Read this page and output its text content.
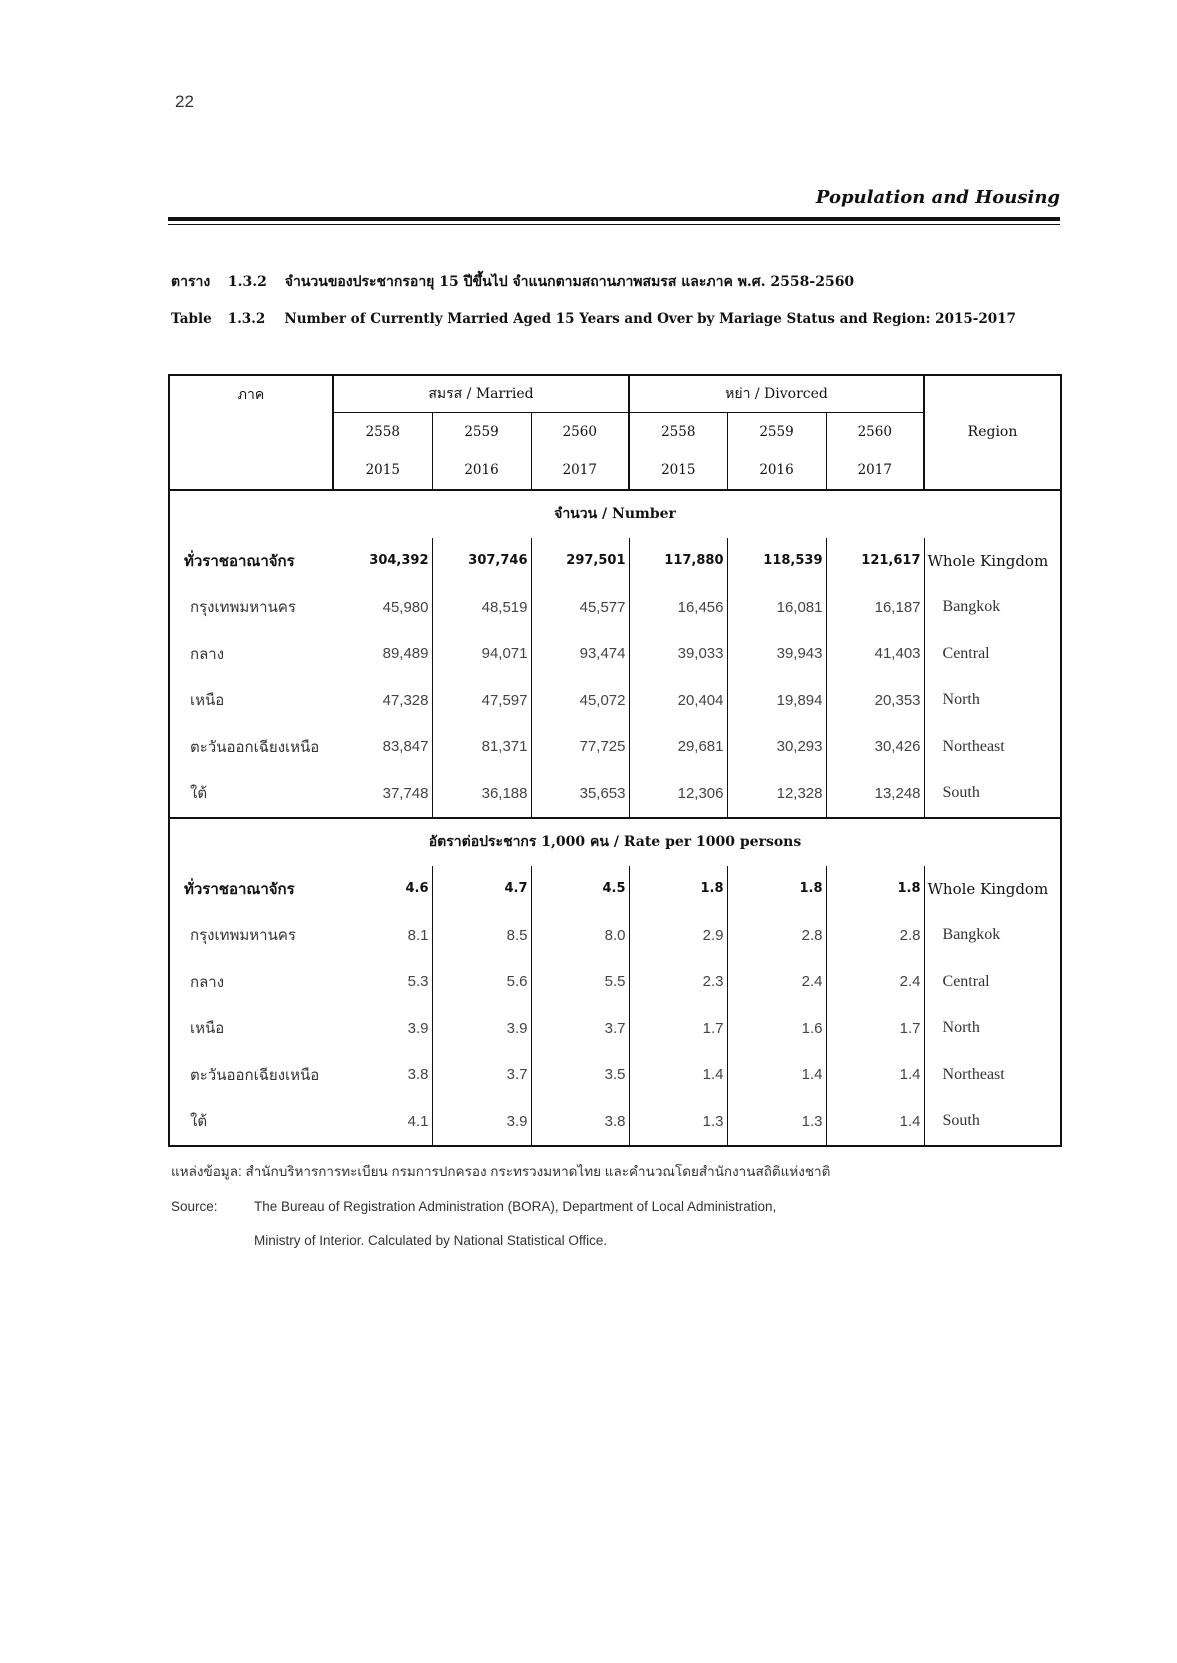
22
Population and Housing
ตาราง 1.3.2 จำนวนของประชากรอายุ 15 ปีขึ้นไป จำแนกตามสถานภาพสมรส และภาค พ.ศ. 2558-2560
Table 1.3.2 Number of Currently Married Aged 15 Years and Over by Mariage Status and Region: 2015-2017
ภาค	สมรส / Married			หย่า / Divorced			Region
	2558	2559	2560	2558	2559	2560	
	2015	2016	2017	2015	2016	2017	

จำนวน / Number							
ทั่วราชอาณาจักร	304,392	307,746	297,501	117,880	118,539	121,617	Whole Kingdom
กรุงเทพมหานคร	45,980	48,519	45,577	16,456	16,081	16,187	Bangkok
กลาง	89,489	94,071	93,474	39,033	39,943	41,403	Central
เหนือ	47,328	47,597	45,072	20,404	19,894	20,353	North
ตะวันออกเฉียงเหนือ	83,847	81,371	77,725	29,681	30,293	30,426	Northeast
ใต้	37,748	36,188	35,653	12,306	12,328	13,248	South

อัตราต่อประชากร 1,000 คน / Rate per 1000 persons							
ทั่วราชอาณาจักร	4.6	4.7	4.5	1.8	1.8	1.8	Whole Kingdom
กรุงเทพมหานคร	8.1	8.5	8.0	2.9	2.8	2.8	Bangkok
กลาง	5.3	5.6	5.5	2.3	2.4	2.4	Central
เหนือ	3.9	3.9	3.7	1.7	1.6	1.7	North
ตะวันออกเฉียงเหนือ	3.8	3.7	3.5	1.4	1.4	1.4	Northeast
ใต้	4.1	3.9	3.8	1.3	1.3	1.4	South
แหล่งข้อมูล: สำนักบริหารการทะเบียน กรมการปกครอง กระทรวงมหาดไทย และคำนวณโดยสำนักงานสถิติแห่งชาติ
Source:	The Bureau of Registration Administration (BORA), Department of Local Administration,
Ministry of Interior. Calculated by National Statistical Office.
